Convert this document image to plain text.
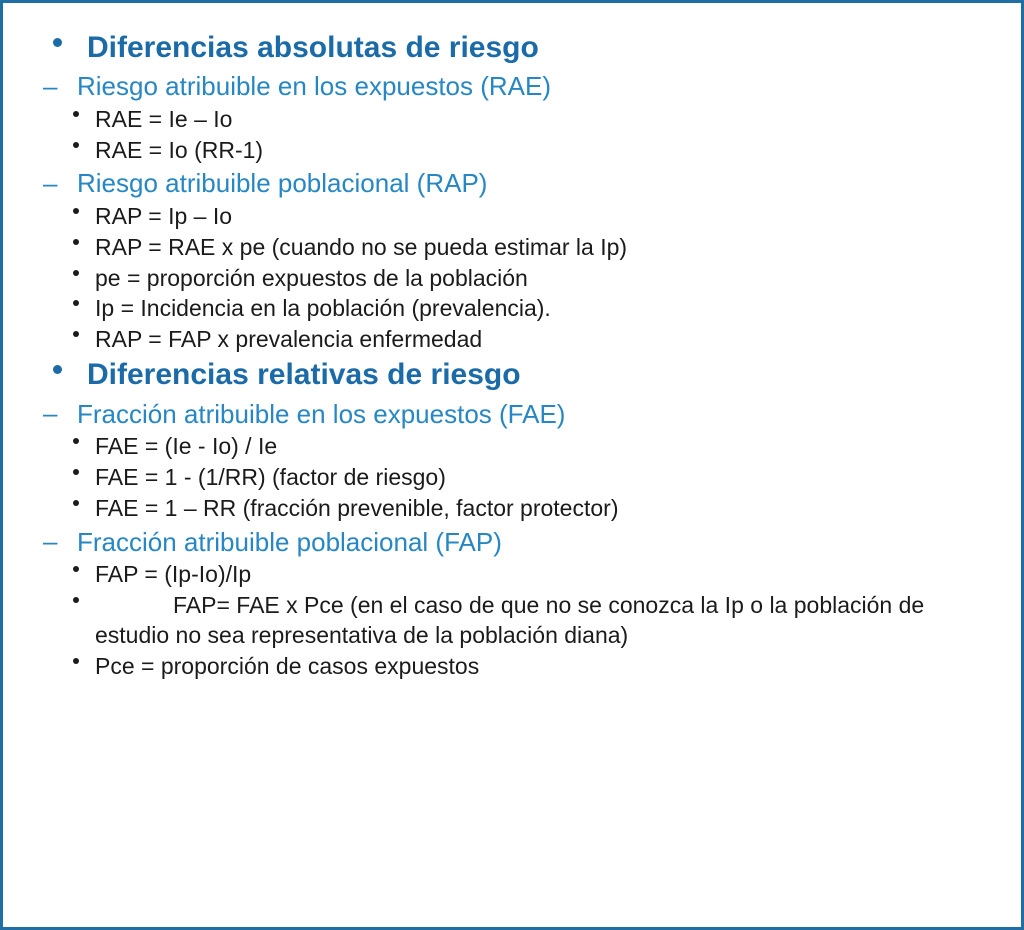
Diferencias absolutas de riesgo
– Riesgo atribuible en los expuestos (RAE)
RAE = Ie – Io
RAE = Io (RR-1)
– Riesgo atribuible poblacional (RAP)
RAP = Ip – Io
RAP = RAE x pe (cuando no se pueda estimar la Ip)
pe = proporción expuestos de la población
Ip = Incidencia en la población (prevalencia).
RAP = FAP x prevalencia enfermedad
Diferencias relativas de riesgo
– Fracción atribuible en los expuestos (FAE)
FAE = (Ie - Io) / Ie
FAE = 1 - (1/RR) (factor de riesgo)
FAE = 1 – RR (fracción prevenible, factor protector)
– Fracción atribuible poblacional (FAP)
FAP = (Ip-Io)/Ip
FAP= FAE x Pce (en el caso de que no se conozca la Ip o la población de estudio no sea representativa de la población diana)
Pce = proporción de casos expuestos
